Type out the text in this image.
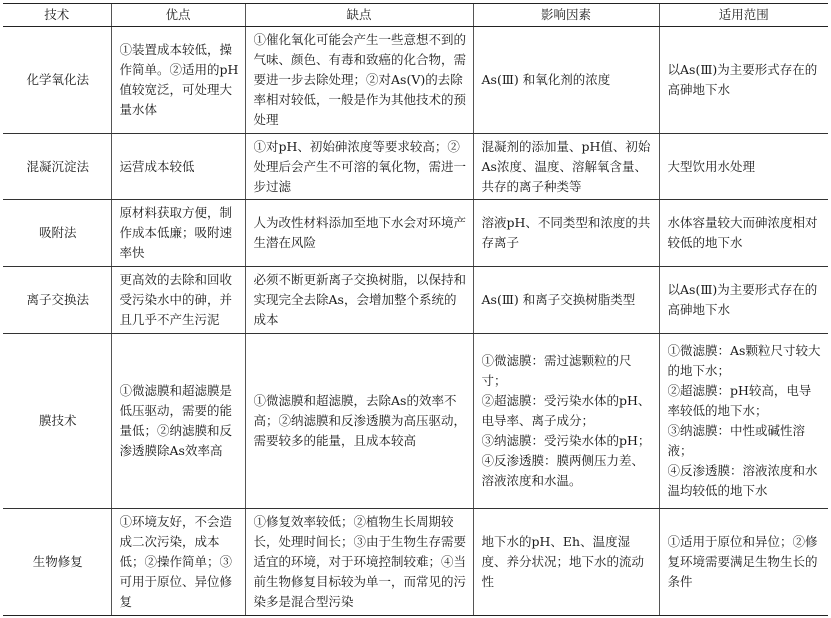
技术	优点	缺点	影响因素	适用范围
化学氧化法	①装置成本较低，操作简单。②适用的pH值较宽泛，可处理大量水体	①催化氧化可能会产生一些意想不到的气味、颜色、有毒和致癌的化合物，需要进一步去除处理；②对As(Ⅴ)的去除率相对较低，一般是作为其他技术的预处理	As(Ⅲ) 和氧化剂的浓度	以As(Ⅲ)为主要形式存在的高砷地下水
混凝沉淀法	运营成本较低	①对pH、初始砷浓度等要求较高；②处理后会产生不可溶的氧化物，需进一步过滤	混凝剂的添加量、pH值、初始As浓度、温度、溶解氧含量、共存的离子种类等	大型饮用水处理
吸附法	原材料获取方便，制作成本低廉；吸附速率快	人为改性材料添加至地下水会对环境产生潜在风险	溶液pH、不同类型和浓度的共存离子	水体容量较大而砷浓度相对较低的地下水
离子交换法	更高效的去除和回收受污染水中的砷，并且几乎不产生污泥	必须不断更新离子交换树脂，以保持和实现完全去除As，会增加整个系统的成本	As(Ⅲ) 和离子交换树脂类型	以As(Ⅲ)为主要形式存在的高砷地下水
膜技术	①微滤膜和超滤膜是低压驱动，需要的能量低；②纳滤膜和反渗透膜除As效率高	①微滤膜和超滤膜，去除As的效率不高；②纳滤膜和反渗透膜为高压驱动，需要较多的能量，且成本较高	①微滤膜：需过滤颗粒的尺寸；
②超滤膜：受污染水体的pH、电导率、离子成分；
③纳滤膜：受污染水体的pH；
④反渗透膜：膜两侧压力差、溶液浓度和水温。	①微滤膜：As颗粒尺寸较大的地下水；
②超滤膜：pH较高，电导率较低的地下水；
③纳滤膜：中性或碱性溶液；
④反渗透膜：溶液浓度和水温均较低的地下水

生物修复	①环境友好，不会造成二次污染，成本低；②操作简单；③可用于原位、异位修复	①修复效率较低；②植物生长周期较长，处理时间长；③由于生物生存需要适宜的环境，对于环境控制较难；④当前生物修复目标较为单一，而常见的污染多是混合型污染	地下水的pH、Eh、温度湿度、养分状况；地下水的流动性	①适用于原位和异位；②修复环境需要满足生物生长的条件
